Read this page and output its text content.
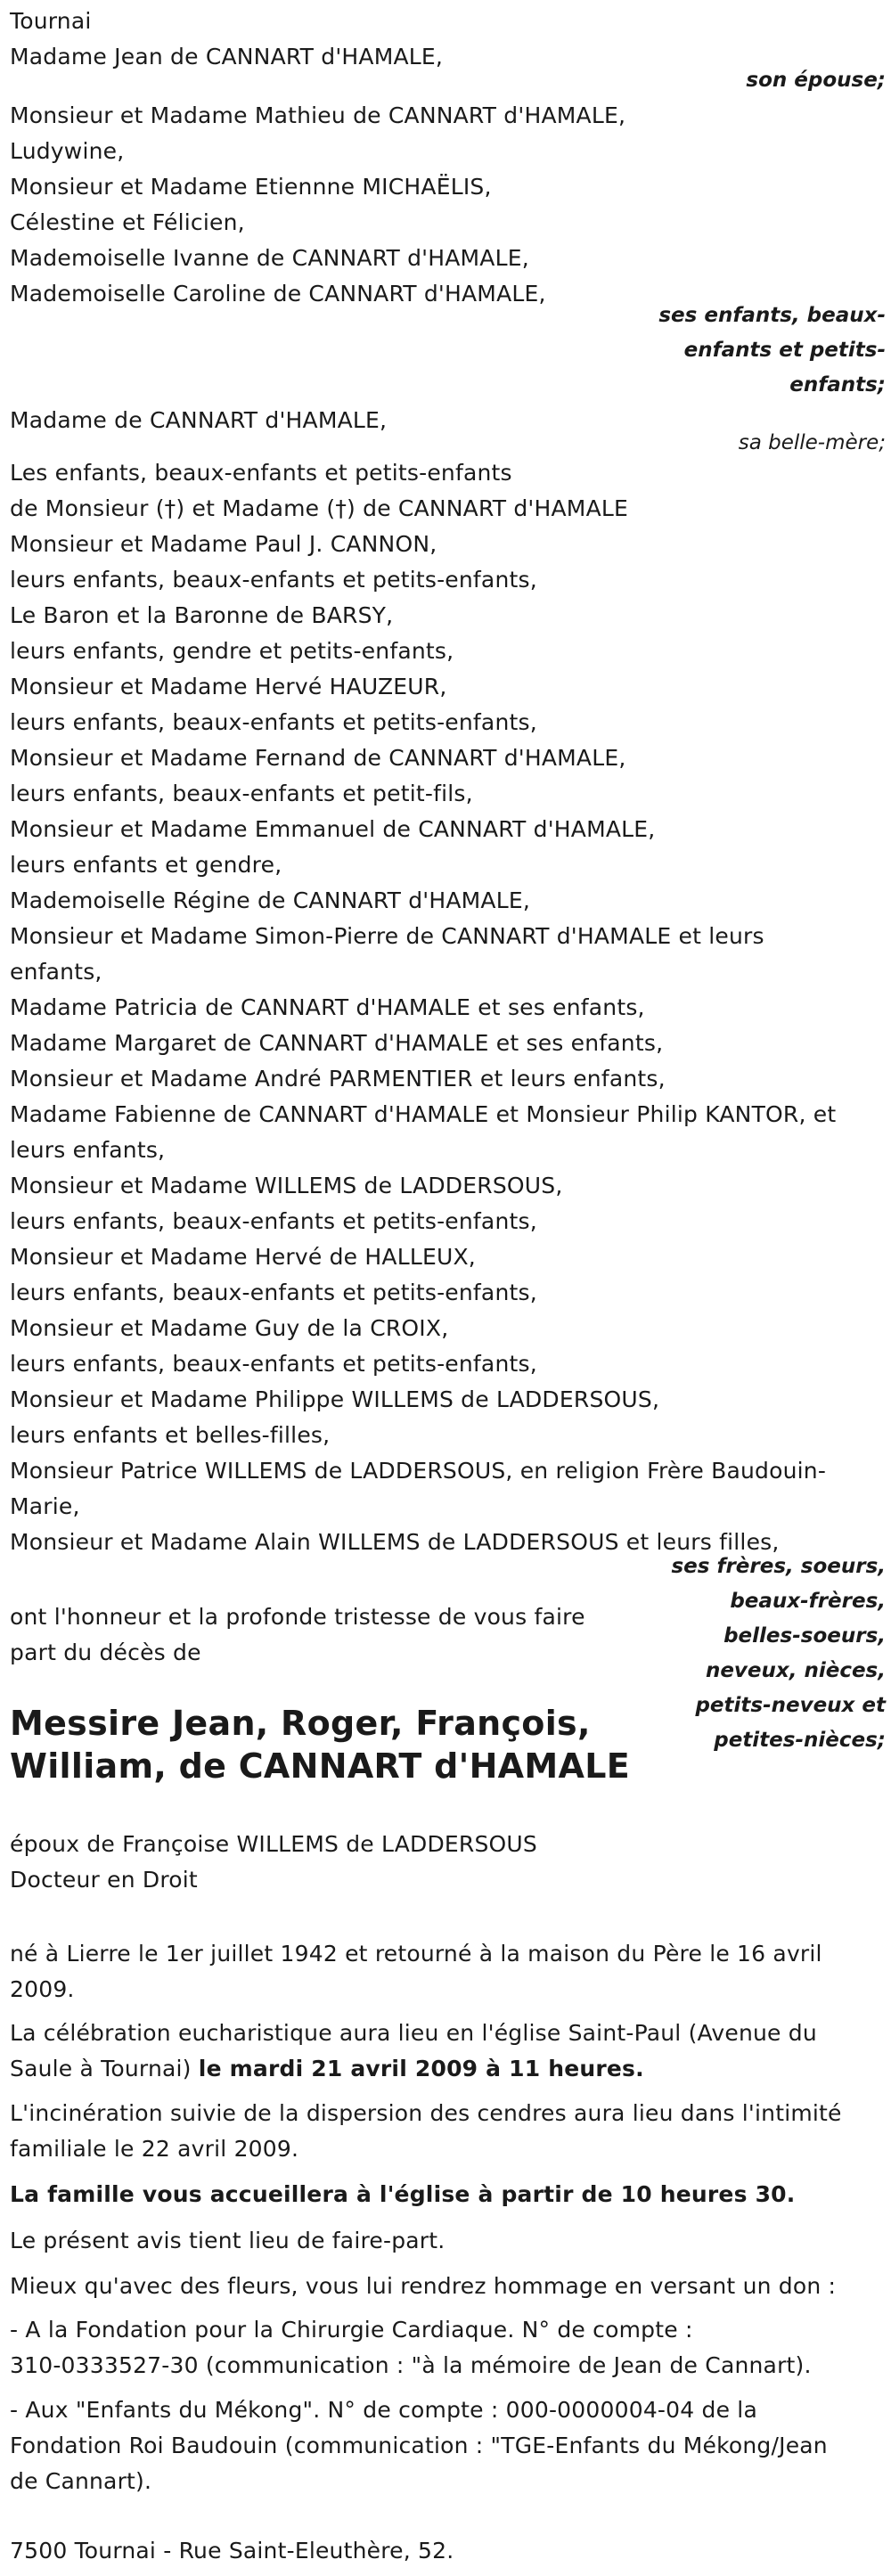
Tournai
Madame Jean de CANNART d'HAMALE,
son épouse;
Monsieur et Madame Mathieu de CANNART d'HAMALE,
Ludywine,
Monsieur et Madame Etiennne MICHAËLIS,
Célestine et Félicien,
Mademoiselle Ivanne de CANNART d'HAMALE,
Mademoiselle Caroline de CANNART d'HAMALE,
ses enfants, beaux-
enfants et petits-
enfants;
Madame de CANNART d'HAMALE,
sa belle-mère;
Les enfants, beaux-enfants et petits-enfants
de Monsieur (†) et Madame (†) de CANNART d'HAMALE
Monsieur et Madame Paul J. CANNON,
leurs enfants, beaux-enfants et petits-enfants,
Le Baron et la Baronne de BARSY,
leurs enfants, gendre et petits-enfants,
Monsieur et Madame Hervé HAUZEUR,
leurs enfants, beaux-enfants et petits-enfants,
Monsieur et Madame Fernand de CANNART d'HAMALE,
leurs enfants, beaux-enfants et petit-fils,
Monsieur et Madame Emmanuel de CANNART d'HAMALE,
leurs enfants et gendre,
Mademoiselle Régine de CANNART d'HAMALE,
Monsieur et Madame Simon-Pierre de CANNART d'HAMALE et leurs
enfants,
Madame Patricia de CANNART d'HAMALE et ses enfants,
Madame Margaret de CANNART d'HAMALE et ses enfants,
Monsieur et Madame André PARMENTIER et leurs enfants,
Madame Fabienne de CANNART d'HAMALE et Monsieur Philip KANTOR, et
leurs enfants,
Monsieur et Madame WILLEMS de LADDERSOUS,
leurs enfants, beaux-enfants et petits-enfants,
Monsieur et Madame Hervé de HALLEUX,
leurs enfants, beaux-enfants et petits-enfants,
Monsieur et Madame Guy de la CROIX,
leurs enfants, beaux-enfants et petits-enfants,
Monsieur et Madame Philippe WILLEMS de LADDERSOUS,
leurs enfants et belles-filles,
Monsieur Patrice WILLEMS de LADDERSOUS, en religion Frère Baudouin-
Marie,
Monsieur et Madame Alain WILLEMS de LADDERSOUS et leurs filles,
ses frères, soeurs,
beaux-frères,
belles-soeurs,
neveux, nièces,
petits-neveux et
petites-nièces;
ont l'honneur et la profonde tristesse de vous faire
part du décès de
Messire Jean, Roger, François,
William, de CANNART d'HAMALE
époux de Françoise WILLEMS de LADDERSOUS
Docteur en Droit
né à Lierre le 1er juillet 1942 et retourné à la maison du Père le 16 avril
2009.
La célébration eucharistique aura lieu en l'église Saint-Paul (Avenue du
Saule à Tournai) le mardi 21 avril 2009 à 11 heures.
L'incinération suivie de la dispersion des cendres aura lieu dans l'intimité
familiale le 22 avril 2009.
La famille vous accueillera à l'église à partir de 10 heures 30.
Le présent avis tient lieu de faire-part.
Mieux qu'avec des fleurs, vous lui rendrez hommage en versant un don :
- A la Fondation pour la Chirurgie Cardiaque. N° de compte :
310-0333527-30 (communication : "à la mémoire de Jean de Cannart).
- Aux "Enfants du Mékong". N° de compte : 000-0000004-04 de la
Fondation Roi Baudouin (communication : "TGE-Enfants du Mékong/Jean
de Cannart).
7500 Tournai - Rue Saint-Eleuthère, 52.
